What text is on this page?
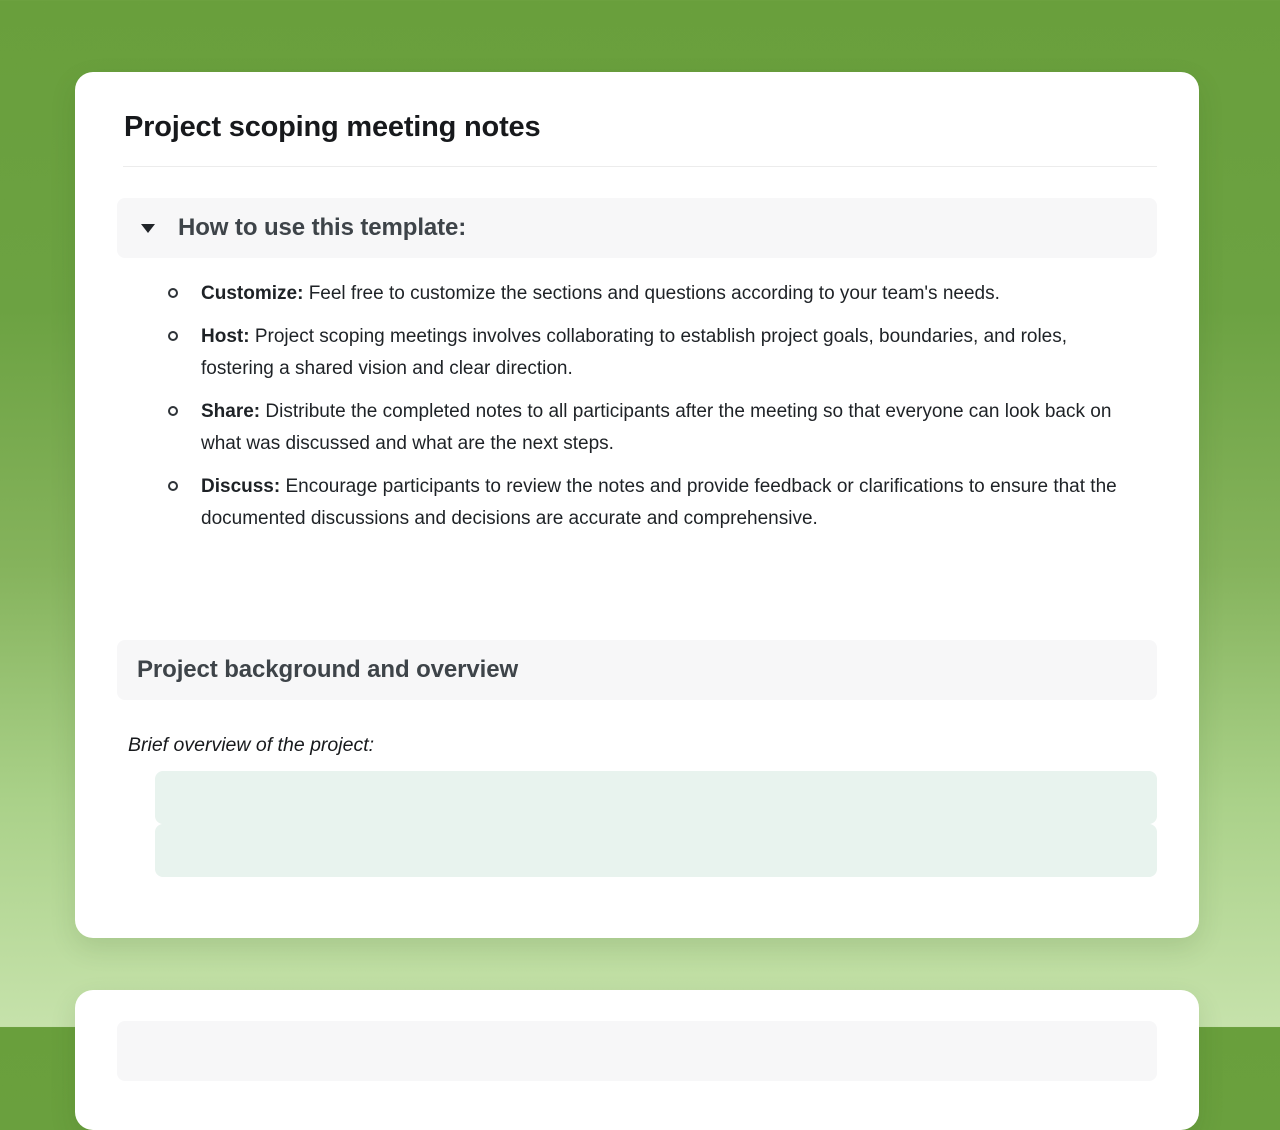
Project scoping meeting notes
How to use this template:
Customize: Feel free to customize the sections and questions according to your team's needs.
Host: Project scoping meetings involves collaborating to establish project goals, boundaries, and roles, fostering a shared vision and clear direction.
Share: Distribute the completed notes to all participants after the meeting so that everyone can look back on what was discussed and what are the next steps.
Discuss: Encourage participants to review the notes and provide feedback or clarifications to ensure that the documented discussions and decisions are accurate and comprehensive.
Project background and overview
Brief overview of the project:
